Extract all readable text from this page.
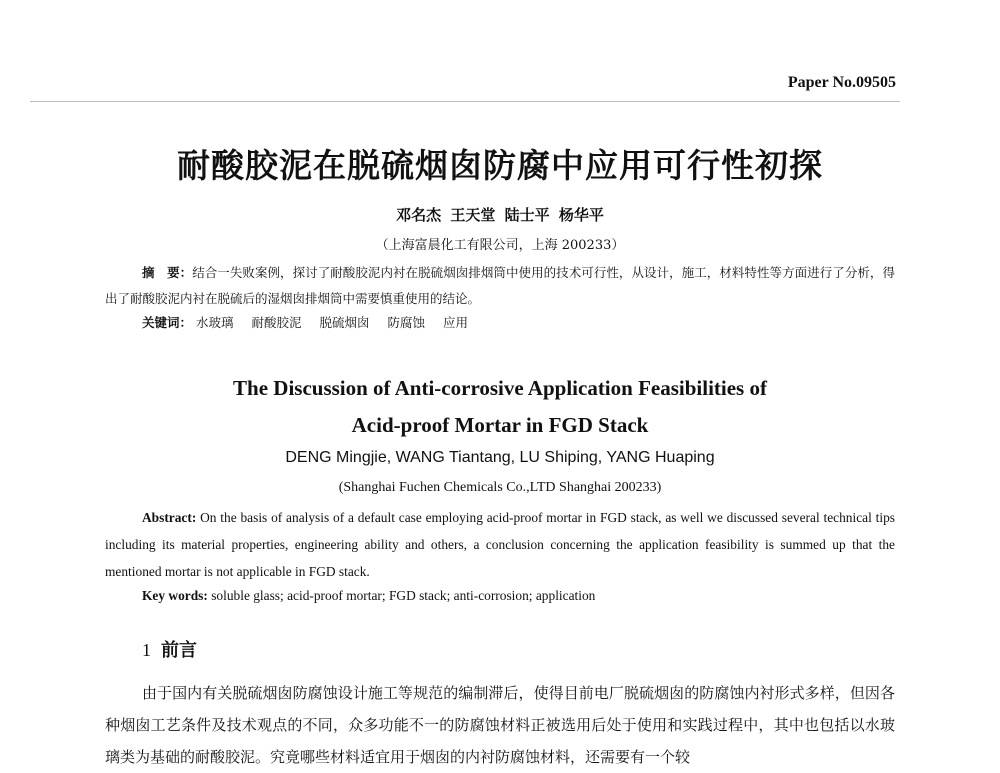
Paper No.09505
耐酸胶泥在脱硫烟囱防腐中应用可行性初探
邓名杰 王天堂 陆士平 杨华平
（上海富晨化工有限公司，上海 200233）
摘　要：结合一失败案例，探讨了耐酸胶泥内衬在脱硫烟囱排烟筒中使用的技术可行性，从设计，施工，材料特性等方面进行了分析，得出了耐酸胶泥内衬在脱硫后的湿烟囱排烟筒中需要慎重使用的结论。
关键词： 水玻璃 耐酸胶泥 脱硫烟囱 防腐蚀 应用
The Discussion of Anti-corrosive Application Feasibilities of
Acid-proof Mortar in FGD Stack
DENG Mingjie, WANG Tiantang, LU Shiping, YANG Huaping
(Shanghai Fuchen Chemicals Co.,LTD Shanghai 200233)
Abstract: On the basis of analysis of a default case employing acid-proof mortar in FGD stack, as well we discussed several technical tips including its material properties, engineering ability and others, a conclusion concerning the application feasibility is summed up that the mentioned mortar is not applicable in FGD stack.
Key words: soluble glass; acid-proof mortar; FGD stack; anti-corrosion; application
1 前言
由于国内有关脱硫烟囱防腐蚀设计施工等规范的编制滞后，使得目前电厂脱硫烟囱的防腐蚀内衬形式多样，但因各种烟囱工艺条件及技术观点的不同，众多功能不一的防腐蚀材料正被选用后处于使用和实践过程中，其中也包括以水玻璃类为基础的耐酸胶泥。究竟哪些材料适宜用于烟囱的内衬防腐蚀材料，还需要有一个较
